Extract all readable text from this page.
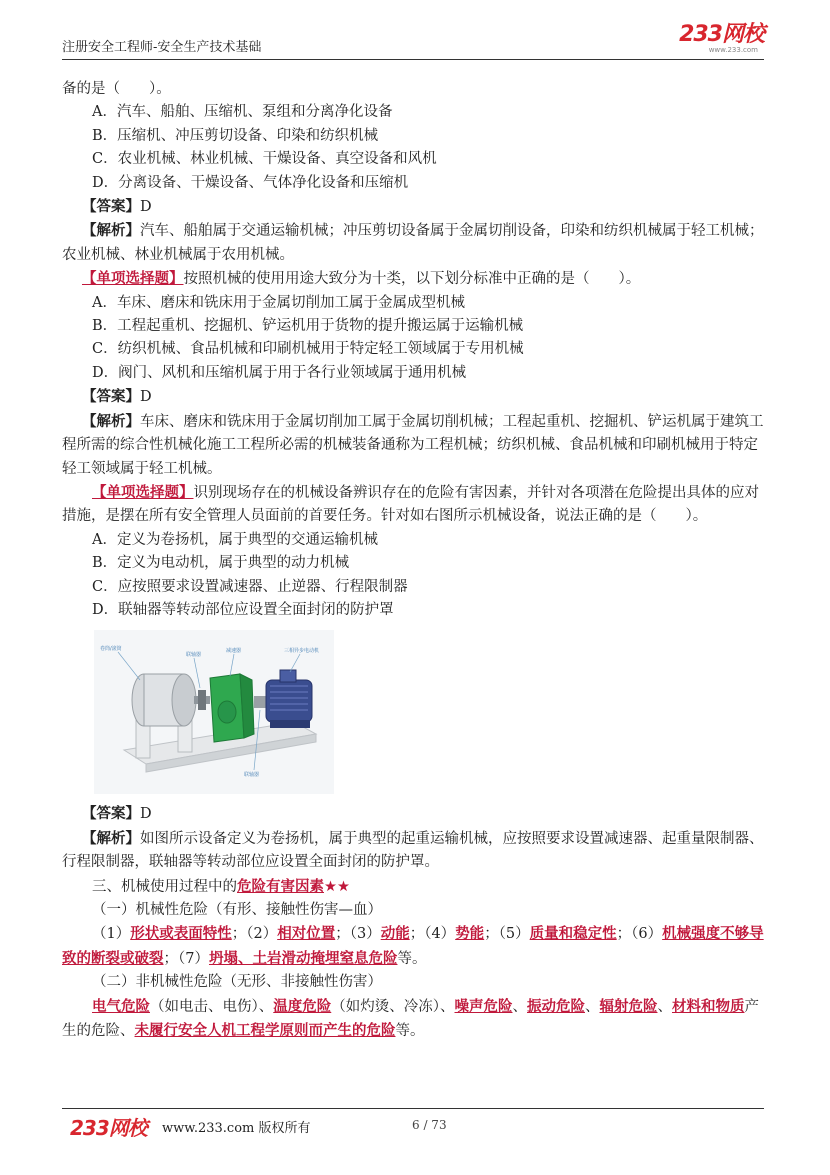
注册安全工程师-安全生产技术基础
233网校
www.233.com
备的是（　　）。
A．汽车、船舶、压缩机、泵组和分离净化设备
B．压缩机、冲压剪切设备、印染和纺织机械
C．农业机械、林业机械、干燥设备、真空设备和风机
D．分离设备、干燥设备、气体净化设备和压缩机
【答案】D
【解析】汽车、船舶属于交通运输机械；冲压剪切设备属于金属切削设备，印染和纺织机械属于轻工机械；农业机械、林业机械属于农用机械。
【单项选择题】按照机械的使用用途大致分为十类，以下划分标准中正确的是（　　）。
A．车床、磨床和铣床用于金属切削加工属于金属成型机械
B．工程起重机、挖掘机、铲运机用于货物的提升搬运属于运输机械
C．纺织机械、食品机械和印刷机械用于特定轻工领域属于专用机械
D．阀门、风机和压缩机属于用于各行业领域属于通用机械
【答案】D
【解析】车床、磨床和铣床用于金属切削加工属于金属切削机械；工程起重机、挖掘机、铲运机属于建筑工程所需的综合性机械化施工工程所必需的机械装备通称为工程机械；纺织机械、食品机械和印刷机械用于特定轻工领域属于轻工机械。
【单项选择题】识别现场存在的机械设备辨识存在的危险有害因素，并针对各项潜在危险提出具体的应对措施，是摆在所有安全管理人员面前的首要任务。针对如右图所示机械设备，说法正确的是（　　）。
A．定义为卷扬机，属于典型的交通运输机械
B．定义为电动机，属于典型的动力机械
C．应按照要求设置减速器、止逆器、行程限制器
D．联轴器等转动部位应设置全面封闭的防护罩
卷筒/滚筒
联轴器
减速器	三相异步电动机
联轴器
【答案】D
【解析】如图所示设备定义为卷扬机，属于典型的起重运输机械，应按照要求设置减速器、起重量限制器、行程限制器，联轴器等转动部位应设置全面封闭的防护罩。
三、机械使用过程中的危险有害因素★★
（一）机械性危险（有形、接触性伤害—血）
（1）形状或表面特性；（2）相对位置；（3）动能；（4）势能；（5）质量和稳定性；（6）机械强度不够导致的断裂或破裂；（7）坍塌、土岩滑动掩埋窒息危险等。
（二）非机械性危险（无形、非接触性伤害）
电气危险（如电击、电伤）、温度危险（如灼烫、冷冻）、噪声危险、振动危险、辐射危险、材料和物质产生的危险、未履行安全人机工程学原则而产生的危险等。
233网校 www.233.com 版权所有	6 / 73
